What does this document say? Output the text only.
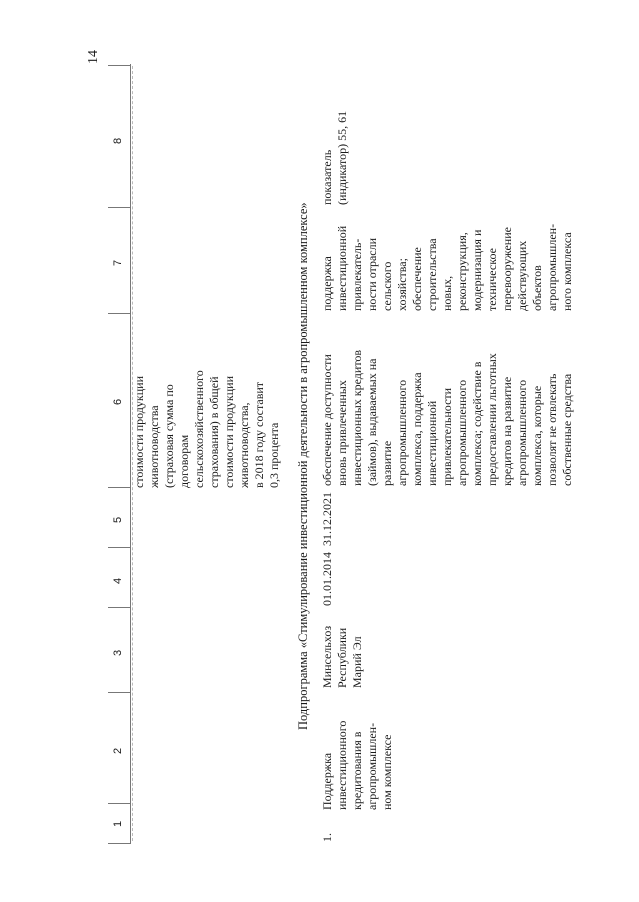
1
2
3
4
5
6
7
8
14
стоимости продукции
животноводства
(страховая сумма по
договорам
сельскохозяйственного
страхования) в общей
стоимости продукции
животноводства,
в 2018 году составит
0,3 процента Подпрограмма «Стимулирование инвестиционной деятельности в агропромышленном комплексе»
1.
Поддержка
инвестиционного
кредитования в
агропромышлен-
ном комплексе
Минсельхоз
Республики
Марий Эл
01.01.2014
31.12.2021
обеспечение доступности
вновь привлеченных
инвестиционных кредитов
(займов), выдаваемых на
развитие
агропромышленного
комплекса, поддержка
инвестиционной
привлекательности
агропромышленного
комплекса; содействие в
предоставлении льготных
кредитов на развитие
агропромышленного
комплекса, которые
позволят не отвлекать
собственные средства
поддержка
инвестиционной
привлекатель-
ности отрасли
сельского
хозяйства;
обеспечение
строительства
новых,
реконструкция,
модернизация и
техническое
перевооружение
действующих
объектов
агропромышлен-
ного комплекса
показатель
(индикатор) 55, 61
